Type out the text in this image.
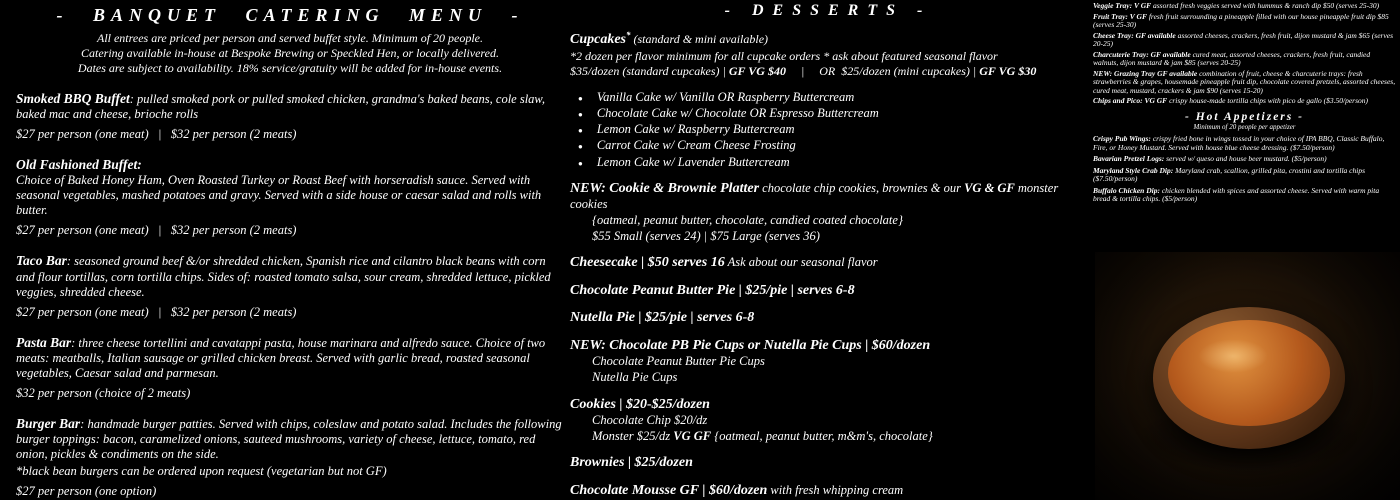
- BANQUET CATERING MENU -
All entrees are priced per person and served buffet style. Minimum of 20 people.
Catering available in-house at Bespoke Brewing or Speckled Hen, or locally delivered.
Dates are subject to availability. 18% service/gratuity will be added for in-house events.
Smoked BBQ Buffet: pulled smoked pork or pulled smoked chicken, grandma's baked beans, cole slaw, baked mac and cheese, brioche rolls
$27 per person (one meat)   |   $32 per person (2 meats)
Old Fashioned Buffet:
Choice of Baked Honey Ham, Oven Roasted Turkey or Roast Beef with horseradish sauce. Served with seasonal vegetables, mashed potatoes and gravy. Served with a side house or caesar salad and rolls with butter.
$27 per person (one meat)   |   $32 per person (2 meats)
Taco Bar: seasoned ground beef &/or shredded chicken, Spanish rice and cilantro black beans with corn and flour tortillas, corn tortilla chips. Sides of: roasted tomato salsa, sour cream, shredded lettuce, pickled veggies, shredded cheese.
$27 per person (one meat)   |   $32 per person (2 meats)
Pasta Bar: three cheese tortellini and cavatappi pasta, house marinara and alfredo sauce. Choice of two meats: meatballs, Italian sausage or grilled chicken breast. Served with garlic bread, roasted seasonal vegetables, Caesar salad and parmesan.
$32 per person (choice of 2 meats)
Burger Bar: handmade burger patties. Served with chips, coleslaw and potato salad. Includes the following burger toppings: bacon, caramelized onions, sauteed mushrooms, variety of cheese, lettuce, tomato, red onion, pickles & condiments on the side.
*black bean burgers can be ordered upon request (vegetarian but not GF)
$27 per person (one option)
- DESSERTS -
Cupcakes* (standard & mini available)
*2 dozen per flavor minimum for all cupcake orders * ask about featured seasonal flavor
$35/dozen (standard cupcakes) | GF VG $40     |     OR  $25/dozen (mini cupcakes) | GF VG $30
● Vanilla Cake w/ Vanilla OR Raspberry Buttercream
● Chocolate Cake w/ Chocolate OR Espresso Buttercream
● Lemon Cake w/ Raspberry Buttercream
● Carrot Cake w/ Cream Cheese Frosting
● Lemon Cake w/ Lavender Buttercream
NEW: Cookie & Brownie Platter chocolate chip cookies, brownies & our VG & GF monster cookies
{oatmeal, peanut butter, chocolate, candied coated chocolate}
$55 Small (serves 24) | $75 Large (serves 36)
Cheesecake | $50 serves 16 Ask about our seasonal flavor
Chocolate Peanut Butter Pie | $25/pie | serves 6-8
Nutella Pie | $25/pie | serves 6-8
NEW: Chocolate PB Pie Cups or Nutella Pie Cups | $60/dozen
Chocolate Peanut Butter Pie Cups
Nutella Pie Cups
Cookies | $20-$25/dozen
Chocolate Chip $20/dz
Monster $25/dz VG GF {oatmeal, peanut butter, m&m's, chocolate}
Brownies | $25/dozen
Chocolate Mousse GF | $60/dozen with fresh whipping cream

Veggie Tray: V GF assorted fresh veggies served with hummus & ranch dip $50 (serves 25-30)

Fruit Tray: V GF fresh fruit surrounding a pineapple filled with our house pineapple fruit dip $85 (serves 25-30)

Cheese Tray: GF available assorted cheeses, crackers, fresh fruit, dijon mustard & jam $65 (serves 20-25)

Charcuterie Tray: GF available cured meat, assorted cheeses, crackers, fresh fruit, candied walnuts, dijon mustard & jam $85 (serves 20-25)

NEW: Grazing Tray GF available combination of fruit, cheese & charcuterie trays: fresh strawberries & grapes, housemade pineapple fruit dip, chocolate covered pretzels, assorted cheeses, cured meat, mustard, crackers & jam $90 (serves 15-20)

Chips and Pico: VG GF crispy house-made tortilla chips with pico de gallo ($3.50/person)

- Hot Appetizers -
Minimum of 20 people per appetizer

Crispy Pub Wings: crispy fried bone in wings tossed in your choice of IPA BBQ, Classic Buffalo, Fire, or Honey Mustard. Served with house blue cheese dressing. ($7.50/person)

Bavarian Pretzel Logs: served w/ queso and house beer mustard. ($5/person)

Maryland Style Crab Dip: Maryland crab, scallion, grilled pita, crostini and tortilla chips ($7.50/person)

Buffalo Chicken Dip: chicken blended with spices and assorted cheese. Served with warm pita bread & tortilla chips. ($5/person)
